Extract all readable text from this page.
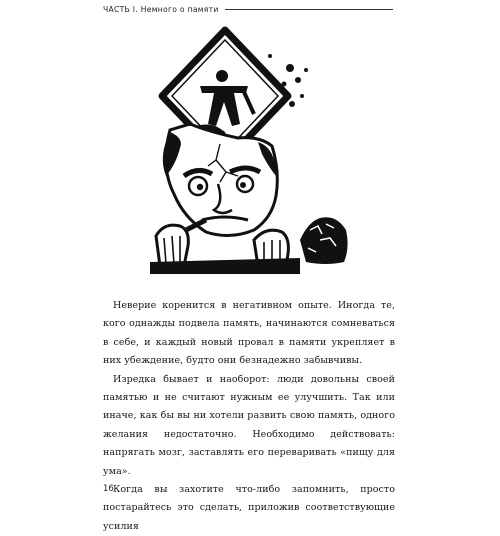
ЧАСТЬ I. Немного о памяти

Неверие коренится в негативном опыте. Иногда те, кого однажды подвела память, начинаются сомневаться в себе, и каждый новый провал в памяти укрепляет в них убеждение, будто они безнадежно забывчивы.

Изредка бывает и наоборот: люди довольны своей памятью и не считают нужным ее улучшить. Так или иначе, как бы вы ни хотели развить свою память, одного желания недостаточно. Необходимо действовать: напрягать мозг, заставлять его переваривать «пищу для ума».

Когда вы захотите что-либо запомнить, просто постарайтесь это сделать, приложив соответствующие усилия

16
